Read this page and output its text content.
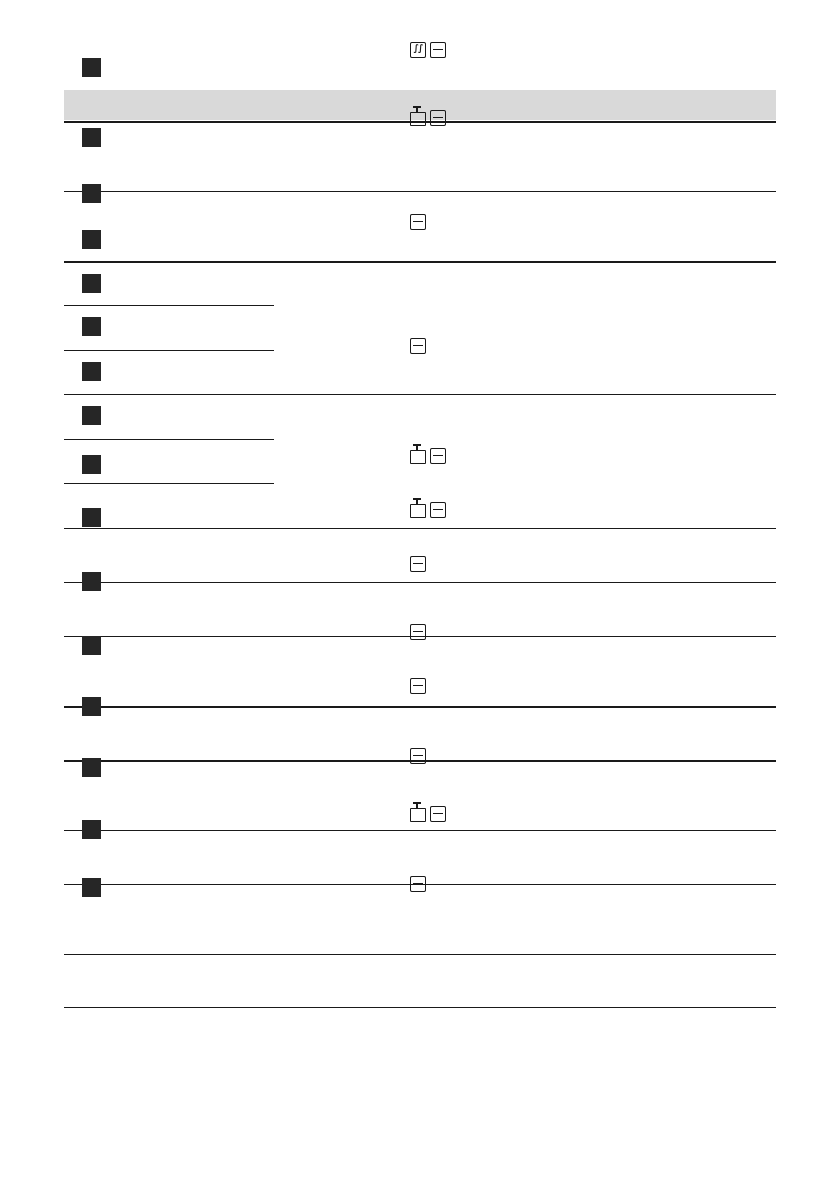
∫∫
